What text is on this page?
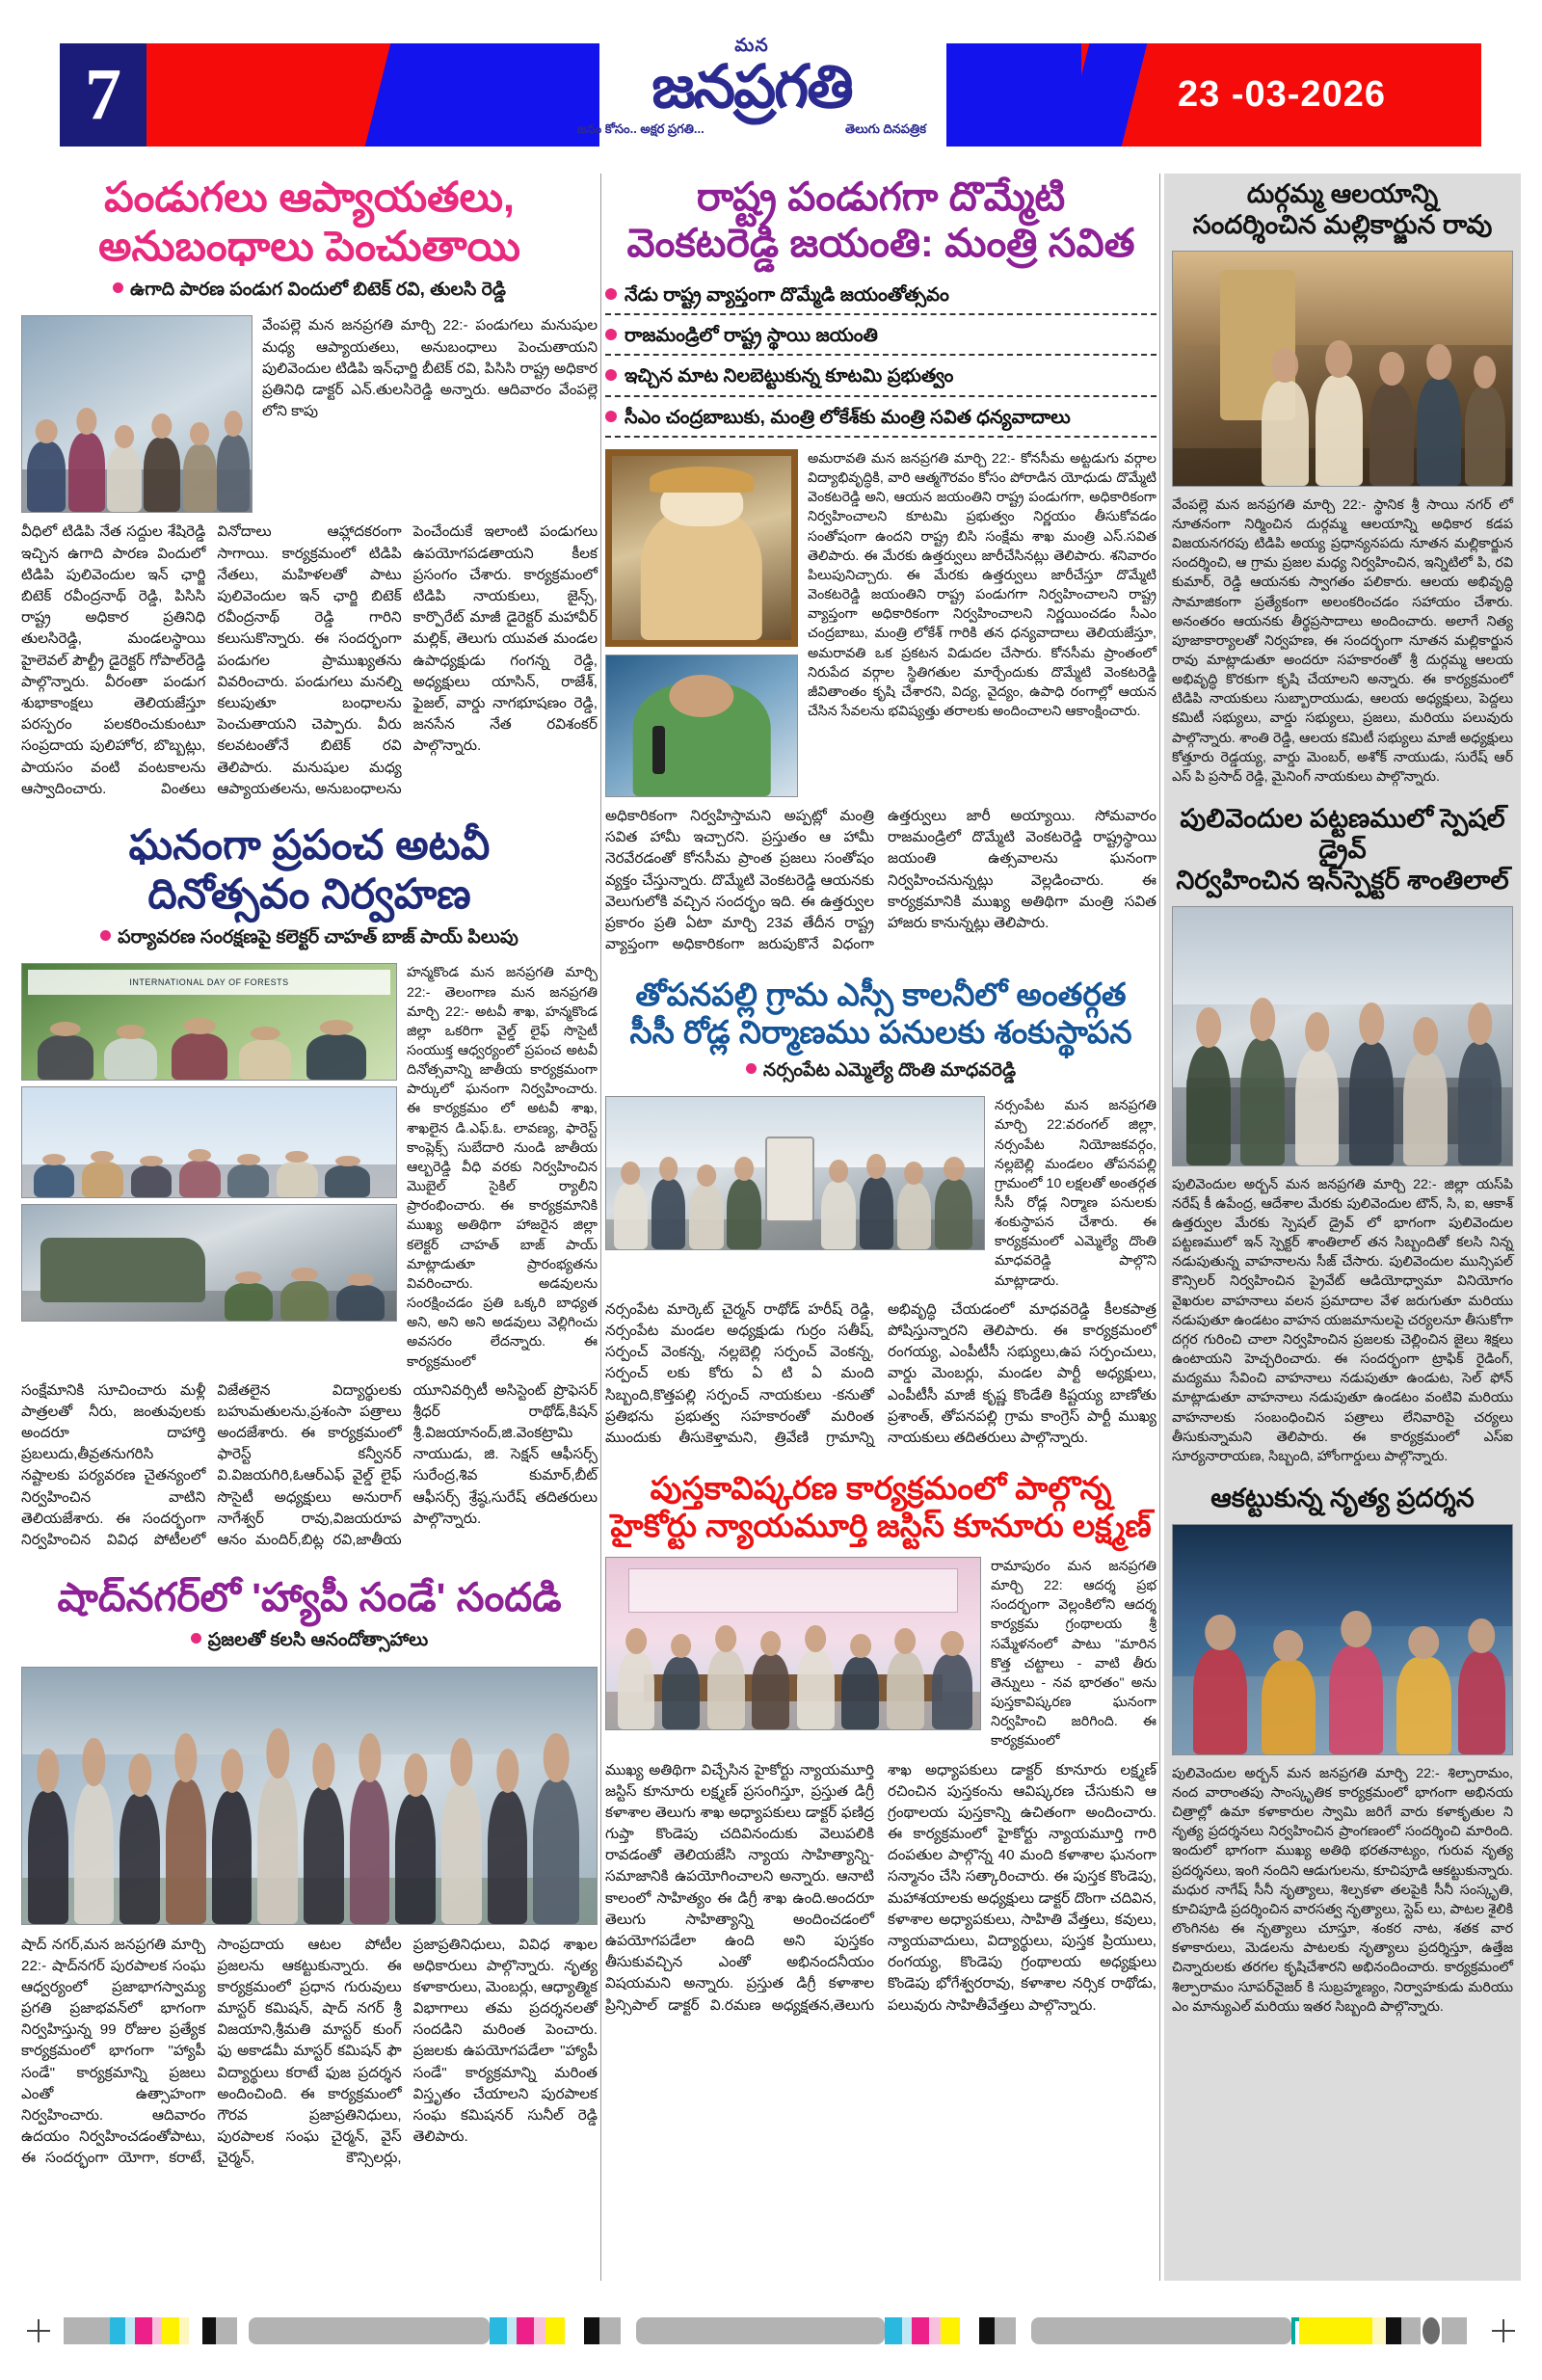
7
మన
జనప్రగతి
జనం కోసం.. అక్షర ప్రగతి...	తెలుగు దినపత్రిక
23 -03-2026
పండుగలు ఆప్యాయతలు,
అనుబంధాలు పెంచుతాయి
ఉగాది పారణ పండుగ విందులో బిటెక్ రవి, తులసి రెడ్డి
వేంపల్లె మన జనప్రగతి మార్చి 22:- పండుగలు మనుషుల మధ్య ఆప్యాయతలు, అనుబంధాలు పెంచుతాయని పులివెందుల టిడిపి ఇన్‌ఛార్జి బీటెక్ రవి, పిసిసి రాష్ట్ర అధికార ప్రతినిధి డాక్టర్ ఎన్.తులసిరెడ్డి అన్నారు. ఆదివారం వేంపల్లె లోని కాపు
వీధిలో టిడిపి నేత సద్దుల శేషిరెడ్డి ఇచ్చిన ఉగాది పారణ విందులో టిడిపి పులివెందుల ఇన్ ఛార్జి బిటెక్ రవీంద్రనాథ్ రెడ్డి, పిసిసి రాష్ట్ర అధికార ప్రతినిధి తులసిరెడ్డి, మండలస్థాయి హైలెవల్ పౌల్ట్రీ డైరెక్టర్ గోపాల్‌రెడ్డి పాల్గొన్నారు. వీరంతా పండుగ శుభాకాంక్షలు తెలియజేస్తూ పరస్పరం పలకరించుకుంటూ సంప్రదాయ పులిహోర, బొబ్బట్లు, పాయసం వంటి వంటకాలను ఆస్వాదించారు. వింతలు వినోదాలు ఆహ్లాదకరంగా సాగాయి. కార్యక్రమంలో టిడిపి నేతలు, మహిళలతో పాటు పులివెందుల ఇన్ ఛార్జి బిటెక్ రవీంద్రనాథ్ రెడ్డి గారిని కలుసుకొన్నారు. ఈ సందర్భంగా పండుగల ప్రాముఖ్యతను వివరించారు. పండుగలు మనల్ని కలుపుతూ బంధాలను పెంచుతాయని చెప్పారు. వీరు కలవటంతోనే బిటెక్ రవి తెలిపారు. మనుషుల మధ్య ఆప్యాయతలను, అనుబంధాలను పెంచేందుకే ఇలాంటి పండుగలు ఉపయోగపడతాయని కీలక ప్రసంగం చేశారు. కార్యక్రమంలో టిడిపి నాయకులు, జైన్స్, కార్పొరేట్ మాజీ డైరెక్టర్ మహావీర్ మల్లిక్, తెలుగు యువత మండల ఉపాధ్యక్షుడు గంగన్న రెడ్డి, అధ్యక్షులు యాసిన్, రాజేశ్, ఫైజల్, వార్డు నాగభూషణం రెడ్డి, జనసేన నేత రవిశంకర్ పాల్గొన్నారు.
ఘనంగా ప్రపంచ అటవీ
దినోత్సవం నిర్వహణ
పర్యావరణ సంరక్షణపై కలెక్టర్ చాహత్ బాజ్ పాయ్ పిలుపు
INTERNATIONAL DAY OF FORESTS
హన్మకొండ మన జనప్రగతి మార్చి 22:- తెలంగాణ మన జనప్రగతి మార్చి 22:- అటవీ శాఖ, హన్మకొండ జిల్లా ఒకరిగా వైల్డ్ లైఫ్ సొసైటీ సంయుక్త ఆధ్వర్యంలో ప్రపంచ అటవీ దినోత్సవాన్ని జాతీయ కార్యక్రమంగా పార్కులో ఘనంగా నిర్వహించారు. ఈ కార్యక్రమం లో అటవీ శాఖ, శాఖలైన డి.ఎఫ్.ఓ. లావణ్య, ఫారెస్ట్ కాంప్లెక్స్ సుబేదారి నుండి జాతీయ ఆల్బరెడ్డి వీధి వరకు నిర్వహించిన మొబైల్ సైకిల్ ర్యాలీని ప్రారంభించారు. ఈ కార్యక్రమానికి ముఖ్య అతిథిగా హాజరైన జిల్లా కలెక్టర్ చాహత్ బాజ్ పాయ్ మాట్లాడుతూ ప్రారంభ్యతను వివరించారు. అడవులను సంరక్షించడం ప్రతి ఒక్కరి బాధ్యత అని, అని అని అడవులు వెల్లిగించు అవసరం లేదన్నారు. ఈ కార్యక్రమంలో
సంక్షేమానికి సూచించారు మళ్లీ పాత్రలతో నీరు, జంతువులకు అందరూ దాహార్తి ప్రబలుదు,తీవ్రతనుగరిసి నష్టాలకు పర్యవరణ చైతన్యంలో నిర్వహించిన వాటిని తెలియజేశారు. ఈ సందర్భంగా నిర్వహించిన వివిధ పోటీలలో విజేతలైన విద్యార్థులకు బహుమతులను,ప్రశంసా పత్రాలు అందజేశారు. ఈ కార్యక్రమంలో ఫారెస్ట్ కన్వీనర్ వి.విజయగిరి,ఓఆర్ఎఫ్ వైల్డ్ లైఫ్ సొసైటీ అధ్యక్షులు అనురాగ్ నాగేశ్వర్ రావు,విజయరూప ఆనం మందిర్,బిట్ల రవి,జాతీయ యూనివర్సిటీ అసిస్టెంట్ ప్రొఫెసర్ శ్రీధర్ రాథోడ్,కిషన్ శ్రీ.విజయానంద్,జి.వెంకట్రామి నాయుడు, జి. సెక్షన్ ఆఫీసర్స్ సురేంద్ర,శివ కుమార్,బీట్ ఆఫీసర్స్ శ్రేష్ఠ,సురేష్ తదితరులు పాల్గొన్నారు.
షాద్‌నగర్‌లో 'హ్యాపీ సండే' సందడి
ప్రజలతో కలసి ఆనందోత్సాహాలు
షాద్ నగర్,మన జనప్రగతి మార్చి 22:- షాద్‌నగర్ పురపాలక సంఘ ఆధ్వర్యంలో ప్రజాభాగస్వామ్య ప్రగతి ప్రజాభవన్‌లో భాగంగా నిర్వహిస్తున్న 99 రోజుల ప్రత్యేక కార్యక్రమంలో భాగంగా "హ్యాపీ సండే" కార్యక్రమాన్ని ప్రజలు ఎంతో ఉత్సాహంగా నిర్వహించారు. ఆదివారం ఉదయం నిర్వహించడంతోపాటు, ఈ సందర్భంగా యోగా, కరాటే, సాంప్రదాయ ఆటల పోటీల ప్రజలను ఆకట్టుకున్నారు. ఈ కార్యక్రమంలో ప్రధాన గురువులు మాస్టర్ కమిషన్, షాద్ నగర్ శ్రీ విజయాని,శ్రీమతి మాస్టర్ కుంగ్ ఫు అకాడమీ మాస్టర్ కమిషన్ ఫౌ విద్యార్థులు కరాటే ఫుజ ప్రదర్శన అందించింది. ఈ కార్యక్రమంలో గౌరవ ప్రజాప్రతినిధులు, పురపాలక సంఘ చైర్మన్, వైస్ చైర్మన్, కౌన్సిలర్లు, ప్రజాప్రతినిధులు, వివిధ శాఖల అధికారులు పాల్గొన్నారు. నృత్య కళాకారులు, మెంబర్లు, ఆధ్యాత్మిక విభాగాలు తమ ప్రదర్శనలతో సందడిని మరింత పెంచారు. ప్రజలకు ఉపయోగపడేలా "హ్యాపీ సండే" కార్యక్రమాన్ని మరింత విస్తృతం చేయాలని పురపాలక సంఘ కమిషనర్ సునీల్ రెడ్డి తెలిపారు.
రాష్ట్ర పండుగగా దొమ్మేటి
వెంకటరెడ్డి జయంతి: మంత్రి సవిత
నేడు రాష్ట్ర వ్యాప్తంగా దొమ్మేడి జయంతోత్సవం
రాజమండ్రిలో రాష్ట్ర స్థాయి జయంతి
ఇచ్చిన మాట నిలబెట్టుకున్న కూటమి ప్రభుత్వం
సీఎం చంద్రబాబుకు, మంత్రి లోకేశ్‌కు మంత్రి సవిత ధన్యవాదాలు
అమరావతి మన జనప్రగతి మార్చి 22:- కోనసీమ అట్టడుగు వర్గాల విద్యాభివృద్ధికి, వారి ఆత్మగౌరవం కోసం పోరాడిన యోధుడు దొమ్మేటి వెంకటరెడ్డి అని, ఆయన జయంతిని రాష్ట్ర పండుగగా, అధికారికంగా నిర్వహించాలని కూటమి ప్రభుత్వం నిర్ణయం తీసుకోవడం సంతోషంగా ఉందని రాష్ట్ర బిసి సంక్షేమ శాఖ మంత్రి ఎస్.సవిత తెలిపారు. ఈ మేరకు ఉత్తర్వులు జారీచేసినట్లు తెలిపారు. శనివారం పిలుపునిచ్చారు. ఈ మేరకు ఉత్తర్వులు జారీచేస్తూ దొమ్మేటి వెంకటరెడ్డి జయంతిని రాష్ట్ర పండుగగా నిర్వహించాలని రాష్ట్ర వ్యాప్తంగా అధికారికంగా నిర్వహించాలని నిర్ణయించడం సీఎం చంద్రబాబు, మంత్రి లోకేశ్ గారికి తన ధన్యవాదాలు తెలియజేస్తూ, అమరావతి ఒక ప్రకటన విడుదల చేసారు. కోనసీమ ప్రాంతంలో నిరుపేద వర్గాల స్థితిగతుల మార్చేందుకు దొమ్మేటి వెంకటరెడ్డి జీవితాంతం కృషి చేశారని, విద్య, వైద్యం, ఉపాధి రంగాల్లో ఆయన చేసిన సేవలను భవిష్యత్తు తరాలకు అందించాలని ఆకాంక్షించారు.
అధికారికంగా నిర్వహిస్తామని అప్పట్లో మంత్రి సవిత హామీ ఇచ్చారని. ప్రస్తుతం ఆ హామీ నెరవేరడంతో కోనసీమ ప్రాంత ప్రజలు సంతోషం వ్యక్తం చేస్తున్నారు. దొమ్మేటి వెంకటరెడ్డి ఆయనకు వెలుగులోకి వచ్చిన సందర్భం ఇది. ఈ ఉత్తర్వుల ప్రకారం ప్రతి ఏటా మార్చి 23వ తేదీన రాష్ట్ర వ్యాప్తంగా అధికారికంగా జరుపుకొనే విధంగా ఉత్తర్వులు జారీ అయ్యాయి. సోమవారం రాజమండ్రిలో దొమ్మేటి వెంకటరెడ్డి రాష్ట్రస్థాయి జయంతి ఉత్సవాలను ఘనంగా నిర్వహించనున్నట్లు వెల్లడించారు. ఈ కార్యక్రమానికి ముఖ్య అతిథిగా మంత్రి సవిత హాజరు కానున్నట్లు తెలిపారు.
తోపనపల్లి గ్రామ ఎస్సీ కాలనీలో అంతర్గత
సీసీ రోడ్ల నిర్మాణము పనులకు శంకుస్థాపన
నర్సంపేట ఎమ్మెల్యే దొంతి మాధవరెడ్డి
నర్సంపేట మన జనప్రగతి మార్చి 22:వరంగల్ జిల్లా, నర్సంపేట నియోజకవర్గం, నల్లబెల్లి మండలం తోపనపల్లి గ్రామంలో 10 లక్షలతో అంతర్గత సీసీ రోడ్ల నిర్మాణ పనులకు శంకుస్థాపన చేశారు. ఈ కార్యక్రమంలో ఎమ్మెల్యే దొంతి మాధవరెడ్డి పాల్గొని మాట్లాడారు.
నర్సంపేట మార్కెట్ చైర్మన్ రాథోడ్ హరీష్ రెడ్డి, నర్సంపేట మండల అధ్యక్షుడు గుర్రం సతీష్, సర్పంచ్ వెంకన్న, నల్లబెల్లి సర్పంచ్ వెంకన్న, సర్పంచ్ లకు కోరు ఏ టి ఏ మంది సిబ్బంది,కొత్తపల్లి సర్పంచ్ నాయకులు -కనుతో ప్రతిభను ప్రభుత్వ సహకారంతో మరింత ముందుకు తీసుకెళ్తామని, త్రివేణి గ్రామాన్ని అభివృద్ధి చేయడంలో మాధవరెడ్డి కీలకపాత్ర పోషిస్తున్నారని తెలిపారు. ఈ కార్యక్రమంలో రంగయ్య, ఎంపీటీసీ సభ్యులు,ఉప సర్పంచులు, వార్డు మెంబర్లు, మండల పార్టీ అధ్యక్షులు, ఎంపీటీసీ మాజీ కృష్ణ కొండేతి కిష్టయ్య బాణోతు ప్రశాంత్, తోపనపల్లి గ్రామ కాంగ్రెస్ పార్టీ ముఖ్య నాయకులు తదితరులు పాల్గొన్నారు.
పుస్తకావిష్కరణ కార్యక్రమంలో పాల్గొన్న
హైకోర్టు న్యాయమూర్తి జస్టిస్ కూనూరు లక్ష్మణ్
రామాపురం మన జనప్రగతి మార్చి 22: ఆదర్శ ప్రభ సందర్భంగా వెల్లంకిలోని ఆదర్శ కార్యక్రమ గ్రంథాలయ శ్రీ సమ్మేళనంలో పాటు "మారిన కొత్త చట్టాలు - వాటి తీరు తెన్నులు - నవ భారతం" అను పుస్తకావిష్కరణ ఘనంగా నిర్వహించి జరిగింది. ఈ కార్యక్రమంలో
ముఖ్య అతిథిగా విచ్చేసిన హైకోర్టు న్యాయమూర్తి జస్టిస్ కూనూరు లక్ష్మణ్ ప్రసంగిస్తూ, ప్రస్తుత డిగ్రీ కళాశాల తెలుగు శాఖ అధ్యాపకులు డాక్టర్ ఫణిద్ర గుప్తా కొండెపు చదివినందుకు వెలుపలికి రావడంతో తెలియజేసి న్యాయ సాహిత్యాన్ని- సమాజానికి ఉపయోగించాలని అన్నారు. ఆనాటి కాలంలో సాహిత్యం ఈ డిగ్రీ శాఖ ఉంది.అందరూ తెలుగు సాహిత్యాన్ని అందించడంలో ఉపయోగపడేలా ఉంది అని పుస్తకం తీసుకువచ్చిన ఎంతో అభినందనీయం విషయమని అన్నారు. ప్రస్తుత డిగ్రీ కళాశాల ప్రిన్సిపాల్ డాక్టర్ వి.రమణ అధ్యక్షతన,తెలుగు శాఖ అధ్యాపకులు డాక్టర్ కూనూరు లక్ష్మణ్ రచించిన పుస్తకంను ఆవిష్కరణ చేసుకుని ఆ గ్రంథాలయ పుస్తకాన్ని ఉచితంగా అందించారు. ఈ కార్యక్రమంలో హైకోర్టు న్యాయమూర్తి గారి దంపతుల పాల్గొన్న 40 మంది కళాశాల ఘనంగా సన్మానం చేసి సత్కారించారు. ఈ పుస్తక కొండెపు, మహాశయాలకు అధ్యక్షులు డాక్టర్ దొంగా చదివిన, కళాశాల అధ్యాపకులు, సాహితి వేత్తలు, కవులు, న్యాయవాదులు, విద్యార్థులు, పుస్తక ప్రియులు, రంగయ్య, కొండెపు గ్రంథాలయ అధ్యక్షులు కొండెపు భోగేశ్వరరావు, కళాశాల నర్సిక రాథోడు, పలువురు సాహితీవేత్తలు పాల్గొన్నారు.
దుర్గమ్మ ఆలయాన్ని
సందర్శించిన మల్లికార్జున రావు
వేంపల్లె మన జనప్రగతి మార్చి 22:- స్థానిక శ్రీ సాయి నగర్ లో నూతనంగా నిర్మించిన దుర్గమ్మ ఆలయాన్ని అధికార కడప విజయనగరపు టిడిపి అయ్య ప్రధాన్యనపదు నూతన మల్లికార్జున సందర్శించి, ఆ గ్రామ ప్రజల మధ్య నిర్వహించిన, ఇన్నిటిలో పి, రవి కుమార్, రెడ్డి ఆయనకు స్వాగతం పలికారు. ఆలయ అభివృద్ధి సామాజికంగా ప్రత్యేకంగా అలంకరించడం సహాయం చేశారు. అనంతరం ఆయనకు తీర్థప్రసాదాలు అందించారు. అలాగే నిత్య పూజాకార్యాలతో నిర్వహణ, ఈ సందర్భంగా నూతన మల్లికార్జున రావు మాట్లాడుతూ అందరూ సహకారంతో శ్రీ దుర్గమ్మ ఆలయ అభివృద్ధి కొరకుగా కృషి చేయాలని అన్నారు. ఈ కార్యక్రమంలో టిడిపి నాయకులు సుబ్బారాయుడు, ఆలయ అధ్యక్షులు, పెద్దలు కమిటీ సభ్యులు, వార్డు సభ్యులు, ప్రజలు, మరియు పలువురు పాల్గొన్నారు. శాంతి రెడ్డి, ఆలయ కమిటీ సభ్యులు మాజీ అధ్యక్షులు కోత్తూరు రెడ్డయ్య, వార్డు మెంబర్, అశోక్ నాయుడు, సురేష్ ఆర్ ఎస్ పి ప్రసాద్ రెడ్డి, మైనింగ్ నాయకులు పాల్గొన్నారు.
పులివెందుల పట్టణములో స్పెషల్ డ్రైవ్
నిర్వహించిన ఇన్‌స్పెక్టర్ శాంతిలాల్
పులివెందుల అర్బన్ మన జనప్రగతి మార్చి 22:- జిల్లా యస్‌పి నరేష్ కీ ఉపేంద్ర, ఆదేశాల మేరకు పులివెందుల టౌన్, సి, ఐ, ఆకాశ్ ఉత్తర్వుల మేరకు స్పెషల్ డ్రైవ్ లో భాగంగా పులివెందుల పట్టణములో ఇన్ స్పెక్టర్ శాంతిలాల్ తన సిబ్బందితో కలసి నిన్న నడుపుతున్న వాహనాలను సీజ్ చేసారు. పులివెందుల మున్సిపల్ కౌన్సిలర్ నిర్వహించిన ప్రైవేట్ ఆడియోధ్వామా వినియోగం వైఖరుల వాహనాలు వలన ప్రమాదాల వేళ జరుగుతూ మరియు నడుపుతూ ఉండటం వాహన యజమానులపై చర్యలనూ తీసుకోగా దగ్గర గురించి చాలా నిర్వహించిన ప్రజలకు చెల్లించిన జైలు శిక్షలు ఉంటాయని హెచ్చరించారు. ఈ సందర్భంగా ట్రాఫిక్ రైడింగ్, మద్యము సేవించి వాహనాలు నడుపుతూ ఉండుట, సెల్ ఫోన్ మాట్లాడుతూ వాహనాలు నడుపుతూ ఉండటం వంటివి మరియు వాహనాలకు సంబంధించిన పత్రాలు లేనివారిపై చర్యలు తీసుకున్నామని తెలిపారు. ఈ కార్యక్రమంలో ఎస్ఐ సూర్యనారాయణ, సిబ్బంది, హోంగార్డులు పాల్గొన్నారు.
ఆకట్టుకున్న నృత్య ప్రదర్శన
పులివెందుల అర్బన్ మన జనప్రగతి మార్చి 22:- శిల్పారామం, నంద వారాంతపు సాంస్కృతిక కార్యక్రమంలో భాగంగా అభినయ చిత్రాల్లో ఉమా కళాకారుల స్వామి జరిగే వారు కళాకృతుల ని నృత్య ప్రదర్శనలు నిర్వహించిన ప్రాంగణంలో సందర్శించి మారింది. ఇందులో భాగంగా ముఖ్య అతిథి భరతనాట్యం, గురువ నృత్య ప్రదర్శనలు, ఇంగి నందిని ఆడుగులను, కూచిపూడి ఆకట్టుకున్నారు. మధుర నాగేష్ సీనీ నృత్యాలు, శిల్పకళా తలపైకి సీనీ సంస్కృతి, కూచిపూడి ప్రదర్శించిన వారసత్వ నృత్యాలు, స్టెప్ లు, పాటల శైలికి లొంగినట ఈ నృత్యాలు చూస్తూ, శంకర నాట, శతక వార కళాకారులు, మెడలను పాటలకు నృత్యాలు ప్రదర్శిస్తూ, ఉత్తేజ చిన్నారులకు తరగల కృషిచేశారని అభినందించారు. కార్యక్రమంలో శిల్పారామం సూపర్‌వైజర్ కి సుబ్రహ్మణ్యం, నిర్వాహకుడు మరియు ఎం మాన్యుఎల్ మరియు ఇతర సిబ్బంది పాల్గొన్నారు.
